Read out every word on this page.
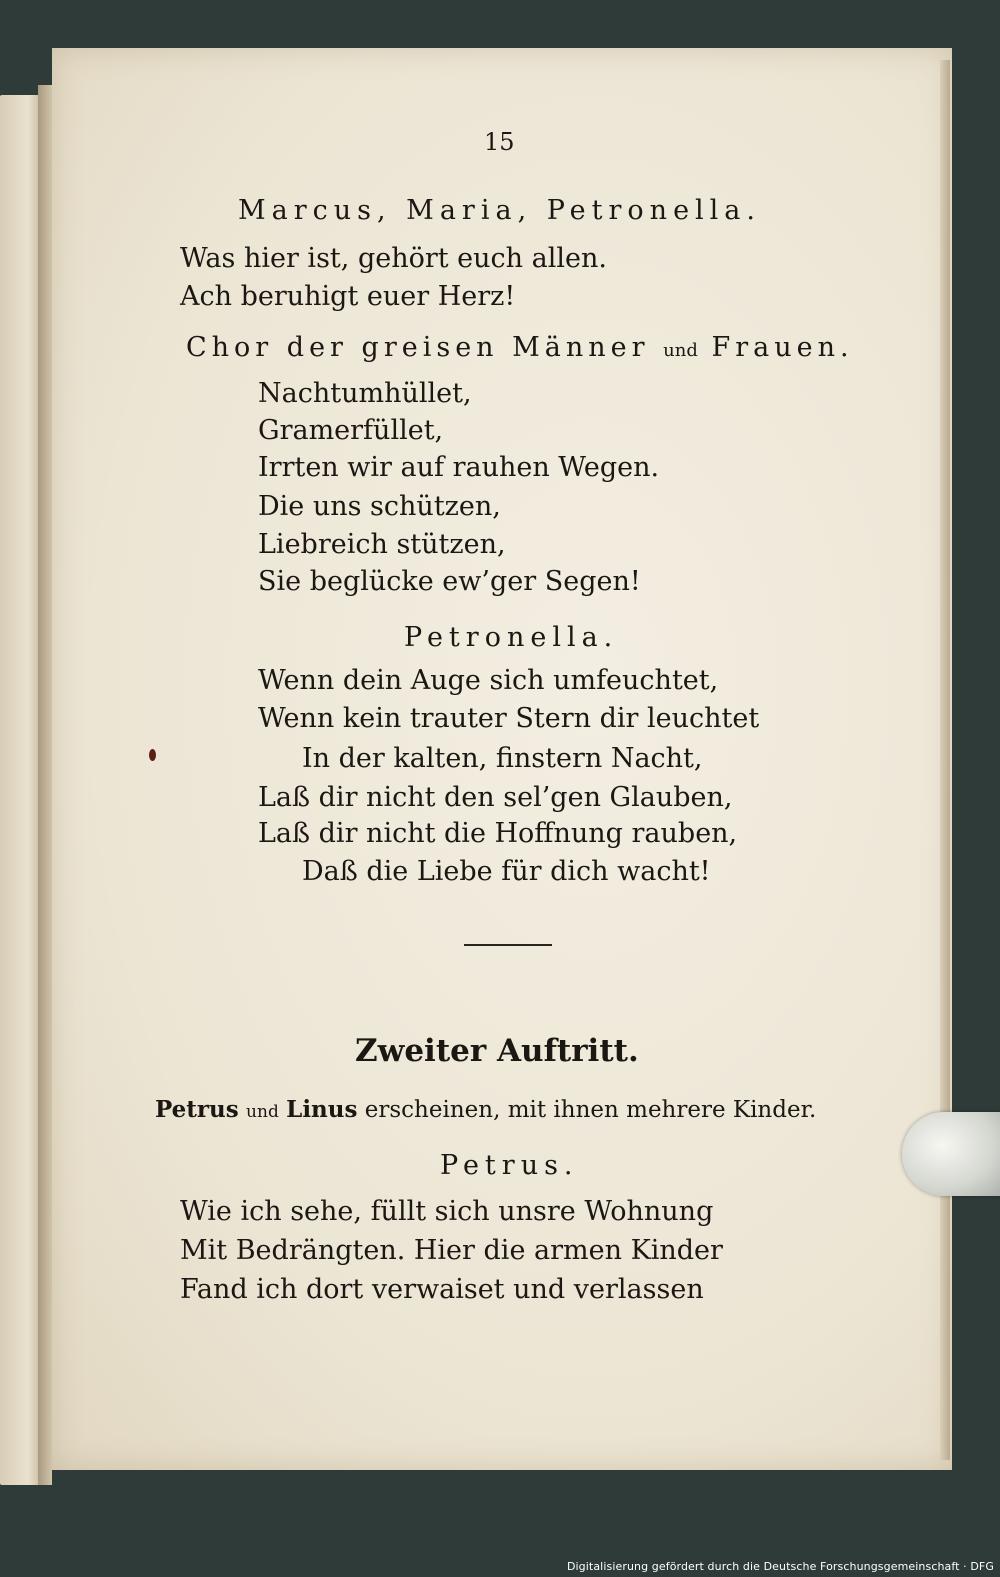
15
Marcus, Maria, Petronella.
Was hier ist, gehört euch allen.
Ach beruhigt euer Herz!
Chor der greisen Männer und Frauen.
Nachtumhüllet,
Gramerfüllet,
Irrten wir auf rauhen Wegen.
Die uns schützen,
Liebreich stützen,
Sie beglücke ew’ger Segen!
Petronella.
Wenn dein Auge sich umfeuchtet,
Wenn kein trauter Stern dir leuchtet
In der kalten, finstern Nacht,
Laß dir nicht den sel’gen Glauben,
Laß dir nicht die Hoffnung rauben,
Daß die Liebe für dich wacht!
Zweiter Auftritt.
Petrus und Linus erscheinen, mit ihnen mehrere Kinder.
Petrus.
Wie ich sehe, füllt sich unsre Wohnung
Mit Bedrängten. Hier die armen Kinder
Fand ich dort verwaiset und verlassen
Digitalisierung gefördert durch die Deutsche Forschungsgemeinschaft · DFG
